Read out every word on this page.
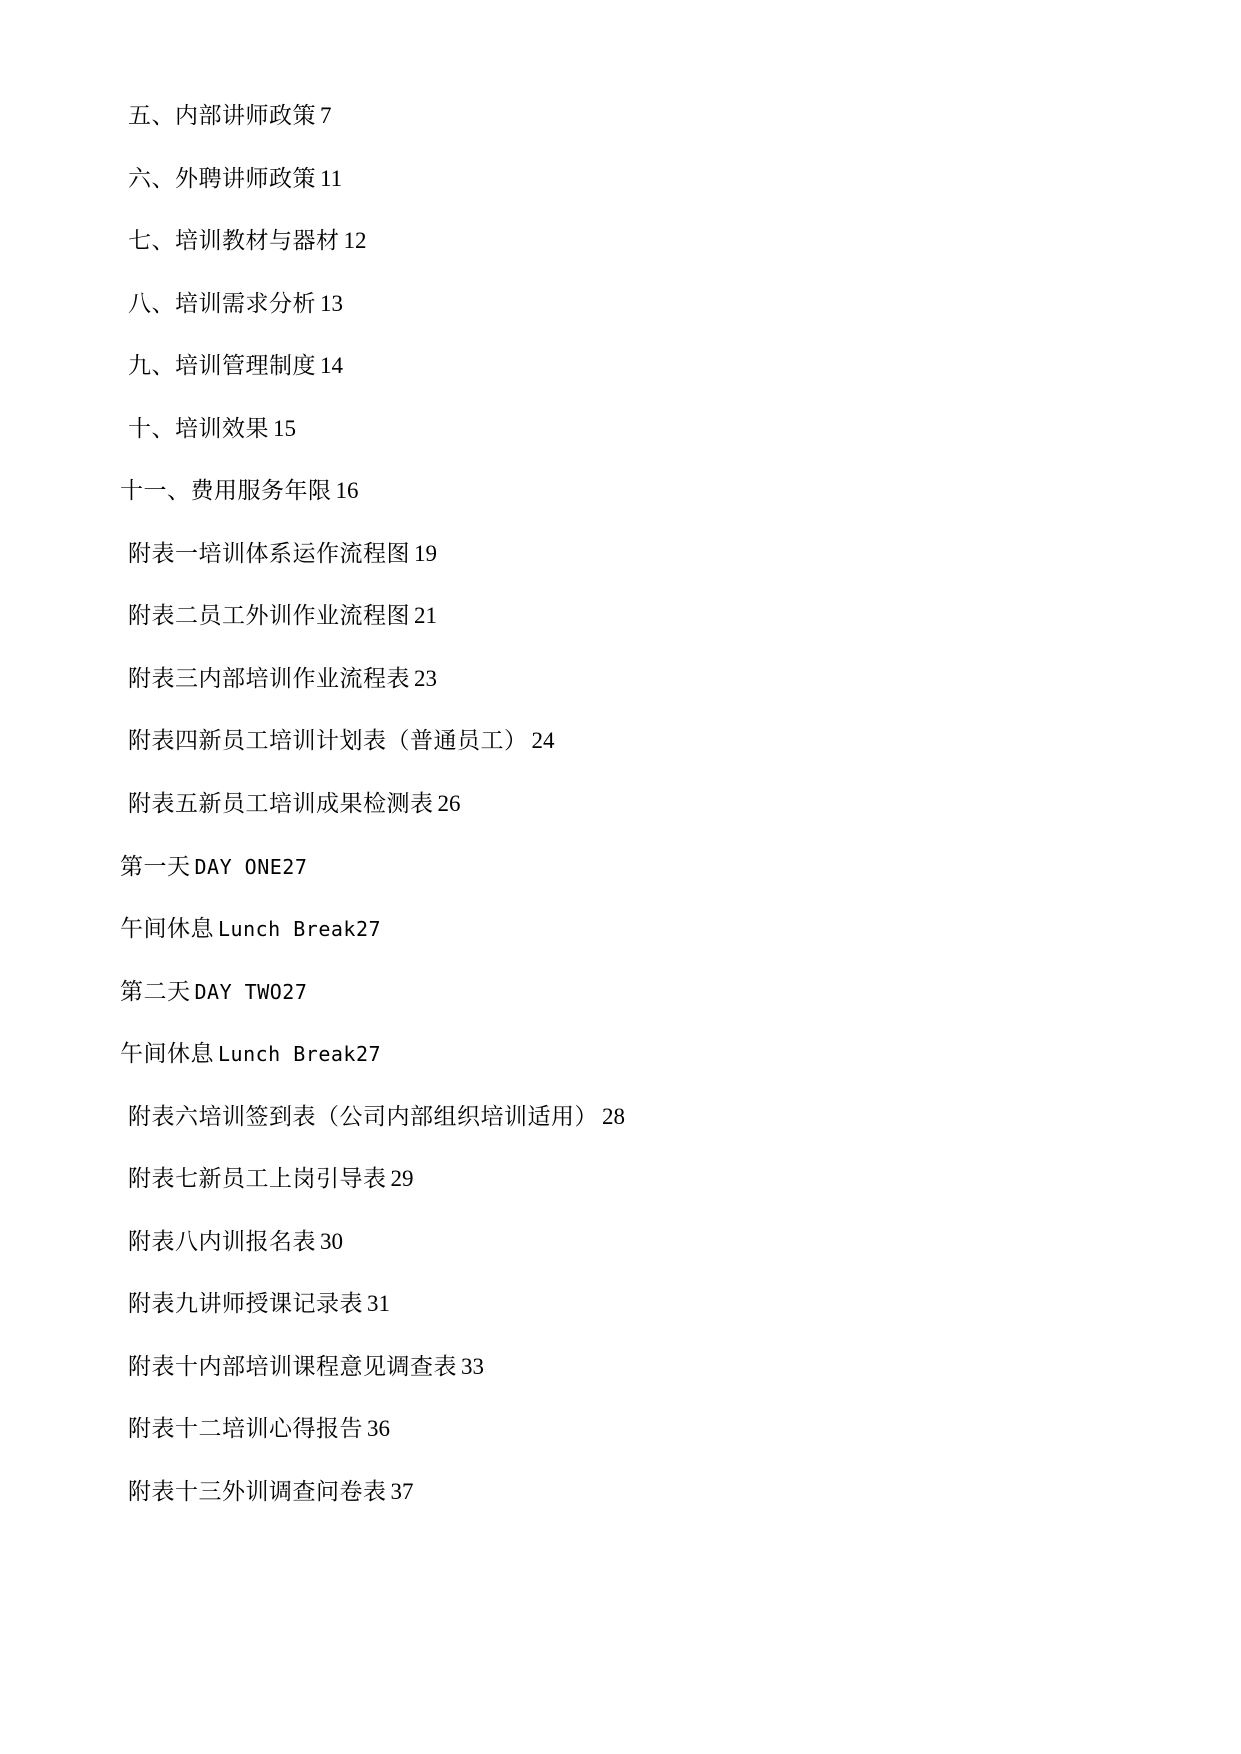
五、内部讲师政策 7
六、外聘讲师政策 11
七、培训教材与器材 12
八、培训需求分析 13
九、培训管理制度 14
十、培训效果 15
十一、费用服务年限 16
附表一培训体系运作流程图 19
附表二员工外训作业流程图 21
附表三内部培训作业流程表 23
附表四新员工培训计划表（普通员工） 24
附表五新员工培训成果检测表 26
第一天 DAY ONE27
午间休息 Lunch Break27
第二天 DAY TWO27
午间休息 Lunch Break27
附表六培训签到表（公司内部组织培训适用） 28
附表七新员工上岗引导表 29
附表八内训报名表 30
附表九讲师授课记录表 31
附表十内部培训课程意见调查表 33
附表十二培训心得报告 36
附表十三外训调查问卷表 37
